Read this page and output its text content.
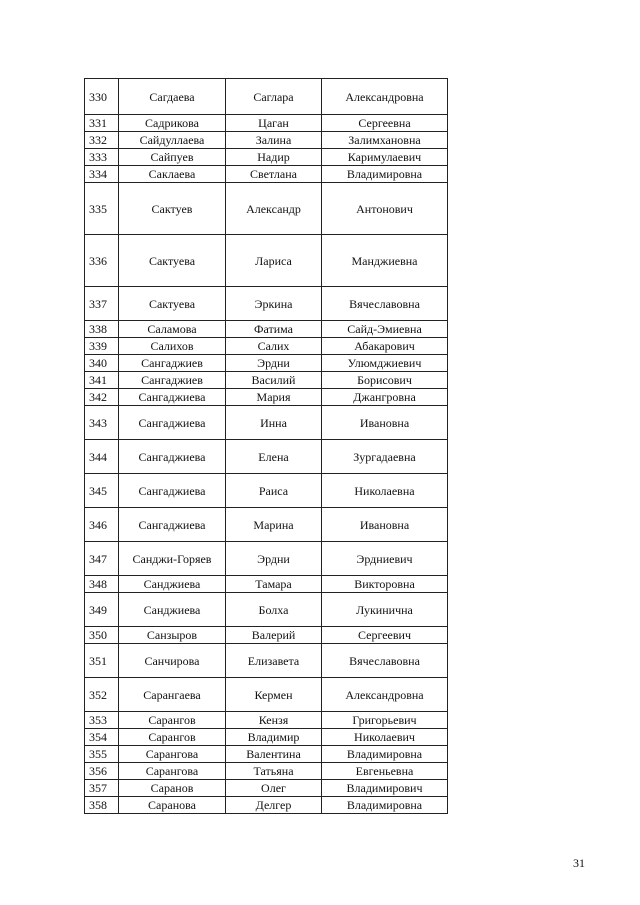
330	Сагдаева	Саглара	Александровна
331	Садрикова	Цаган	Сергеевна
332	Сайдуллаева	Залина	Залимхановна
333	Сайпуев	Надир	Каримулаевич
334	Саклаева	Светлана	Владимировна
335	Сактуев	Александр	Антонович
336	Сактуева	Лариса	Манджиевна
337	Сактуева	Эркина	Вячеславовна
338	Саламова	Фатима	Сайд-Эмиевна
339	Салихов	Салих	Абакарович
340	Сангаджиев	Эрдни	Улюмджиевич
341	Сангаджиев	Василий	Борисович
342	Сангаджиева	Мария	Джангровна
343	Сангаджиева	Инна	Ивановна
344	Сангаджиева	Елена	Зургадаевна
345	Сангаджиева	Раиса	Николаевна
346	Сангаджиева	Марина	Ивановна
347	Санджи-Горяев	Эрдни	Эрдниевич
348	Санджиева	Тамара	Викторовна
349	Санджиева	Болха	Лукинична
350	Санзыров	Валерий	Сергеевич
351	Санчирова	Елизавета	Вячеславовна
352	Сарангаева	Кермен	Александровна
353	Сарангов	Кензя	Григорьевич
354	Сарангов	Владимир	Николаевич
355	Сарангова	Валентина	Владимировна
356	Сарангова	Татьяна	Евгеньевна
357	Саранов	Олег	Владимирович
358	Саранова	Делгер	Владимировна
31
